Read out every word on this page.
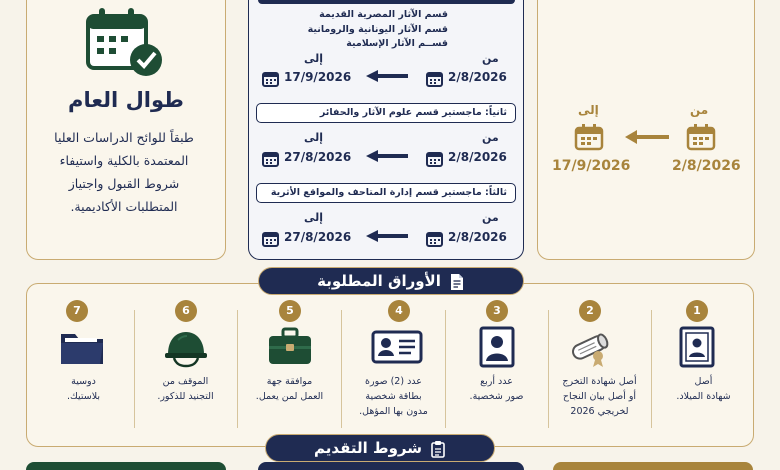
طوال العام
طبقاً للوائح الدراسات العليا
المعتمدة بالكلية واستيفاء
شروط القبول واجتياز
المتطلبات الأكاديمية.
قسم الآثار المصرية القديمة
قسم الآثار اليونانية والرومانية
قســم الآثار الإسلامية
من
إلى
2/8/2026
17/9/2026
ثانياً: ماجستير قسم علوم الآثار والحفائر
من
إلى
2/8/2026
27/8/2026
ثالثاً: ماجستير قسم إدارة المتاحف والمواقع الأثرية
من
إلى
2/8/2026
27/8/2026
من
إلى
2/8/2026
17/9/2026
الأوراق المطلوبة
1
أصل
شهادة الميلاد.
2
أصل شهادة التخرج
أو أصل بيان النجاح
لخريجي 2026
3
عدد أربع
صور شخصية.
4
عدد (2) صورة
بطاقة شخصية
مدون بها المؤهل.
5
موافقة جهة
العمل لمن يعمل.
6
الموقف من
التجنيد للذكور.
7
دوسية
بلاستيك.
شروط التقديم
